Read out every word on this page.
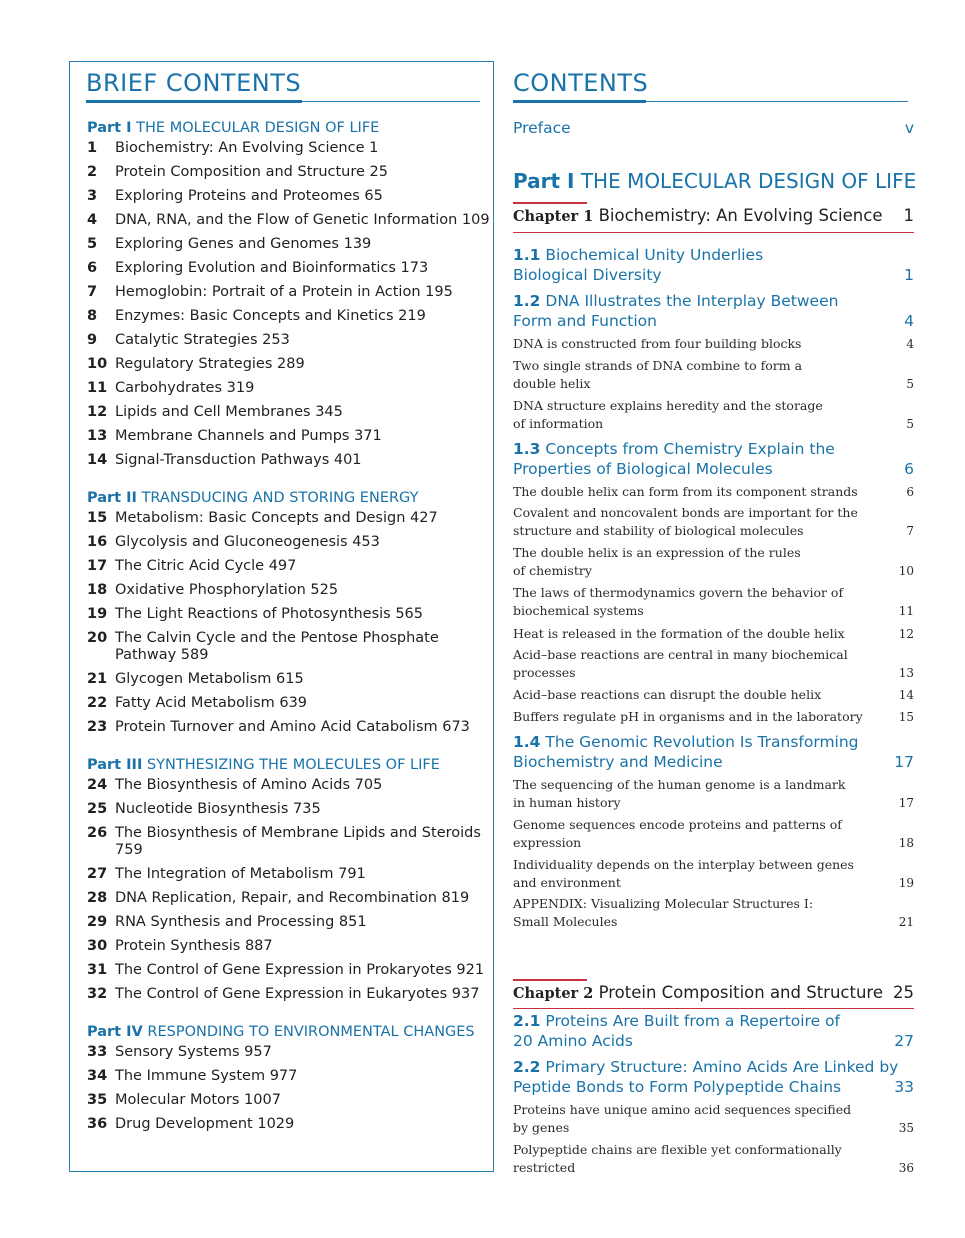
BRIEF CONTENTS
Part I THE MOLECULAR DESIGN OF LIFE
1	Biochemistry: An Evolving Science 1
2	Protein Composition and Structure 25
3	Exploring Proteins and Proteomes 65
4	DNA, RNA, and the Flow of Genetic Information 109
5	Exploring Genes and Genomes 139
6	Exploring Evolution and Bioinformatics 173
7	Hemoglobin: Portrait of a Protein in Action 195
8	Enzymes: Basic Concepts and Kinetics 219
9	Catalytic Strategies 253
10 Regulatory Strategies 289
11 Carbohydrates 319
12 Lipids and Cell Membranes 345
13 Membrane Channels and Pumps 371
14 Signal-Transduction Pathways 401
Part II TRANSDUCING AND STORING ENERGY
15 Metabolism: Basic Concepts and Design 427
16 Glycolysis and Gluconeogenesis 453
17 The Citric Acid Cycle 497
18 Oxidative Phosphorylation 525
19 The Light Reactions of Photosynthesis 565
20 The Calvin Cycle and the Pentose Phosphate Pathway 589
21 Glycogen Metabolism 615
22 Fatty Acid Metabolism 639
23 Protein Turnover and Amino Acid Catabolism 673
Part III SYNTHESIZING THE MOLECULES OF LIFE
24 The Biosynthesis of Amino Acids 705
25 Nucleotide Biosynthesis 735
26 The Biosynthesis of Membrane Lipids and Steroids 759
27 The Integration of Metabolism 791
28 DNA Replication, Repair, and Recombination 819
29 RNA Synthesis and Processing 851
30 Protein Synthesis 887
31 The Control of Gene Expression in Prokaryotes 921
32 The Control of Gene Expression in Eukaryotes 937
Part IV RESPONDING TO ENVIRONMENTAL CHANGES
33 Sensory Systems 957
34 The Immune System 977
35 Molecular Motors 1007
36 Drug Development 1029
CONTENTS
Preface	v
Part I THE MOLECULAR DESIGN OF LIFE
Chapter 1 Biochemistry: An Evolving Science 1
1.1 Biochemical Unity Underlies
Biological Diversity	1
1.2 DNA Illustrates the Interplay Between
Form and Function	4
DNA is constructed from four building blocks	4
Two single strands of DNA combine to form a
double helix	5
DNA structure explains heredity and the storage
of information	5
1.3 Concepts from Chemistry Explain the
Properties of Biological Molecules	6
The double helix can form from its component strands	6
Covalent and noncovalent bonds are important for the
structure and stability of biological molecules	7
The double helix is an expression of the rules
of chemistry	10
The laws of thermodynamics govern the behavior of
biochemical systems	11
Heat is released in the formation of the double helix	12
Acid–base reactions are central in many biochemical
processes	13
Acid–base reactions can disrupt the double helix	14
Buffers regulate pH in organisms and in the laboratory	15
1.4 The Genomic Revolution Is Transforming
Biochemistry and Medicine	17
The sequencing of the human genome is a landmark
in human history	17
Genome sequences encode proteins and patterns of
expression	18
Individuality depends on the interplay between genes
and environment	19
APPENDIX: Visualizing Molecular Structures I:
Small Molecules	21
Chapter 2 Protein Composition and Structure 25
2.1 Proteins Are Built from a Repertoire of
20 Amino Acids	27
2.2 Primary Structure: Amino Acids Are Linked by
Peptide Bonds to Form Polypeptide Chains	33
Proteins have unique amino acid sequences specified
by genes	35
Polypeptide chains are flexible yet conformationally
restricted	36
